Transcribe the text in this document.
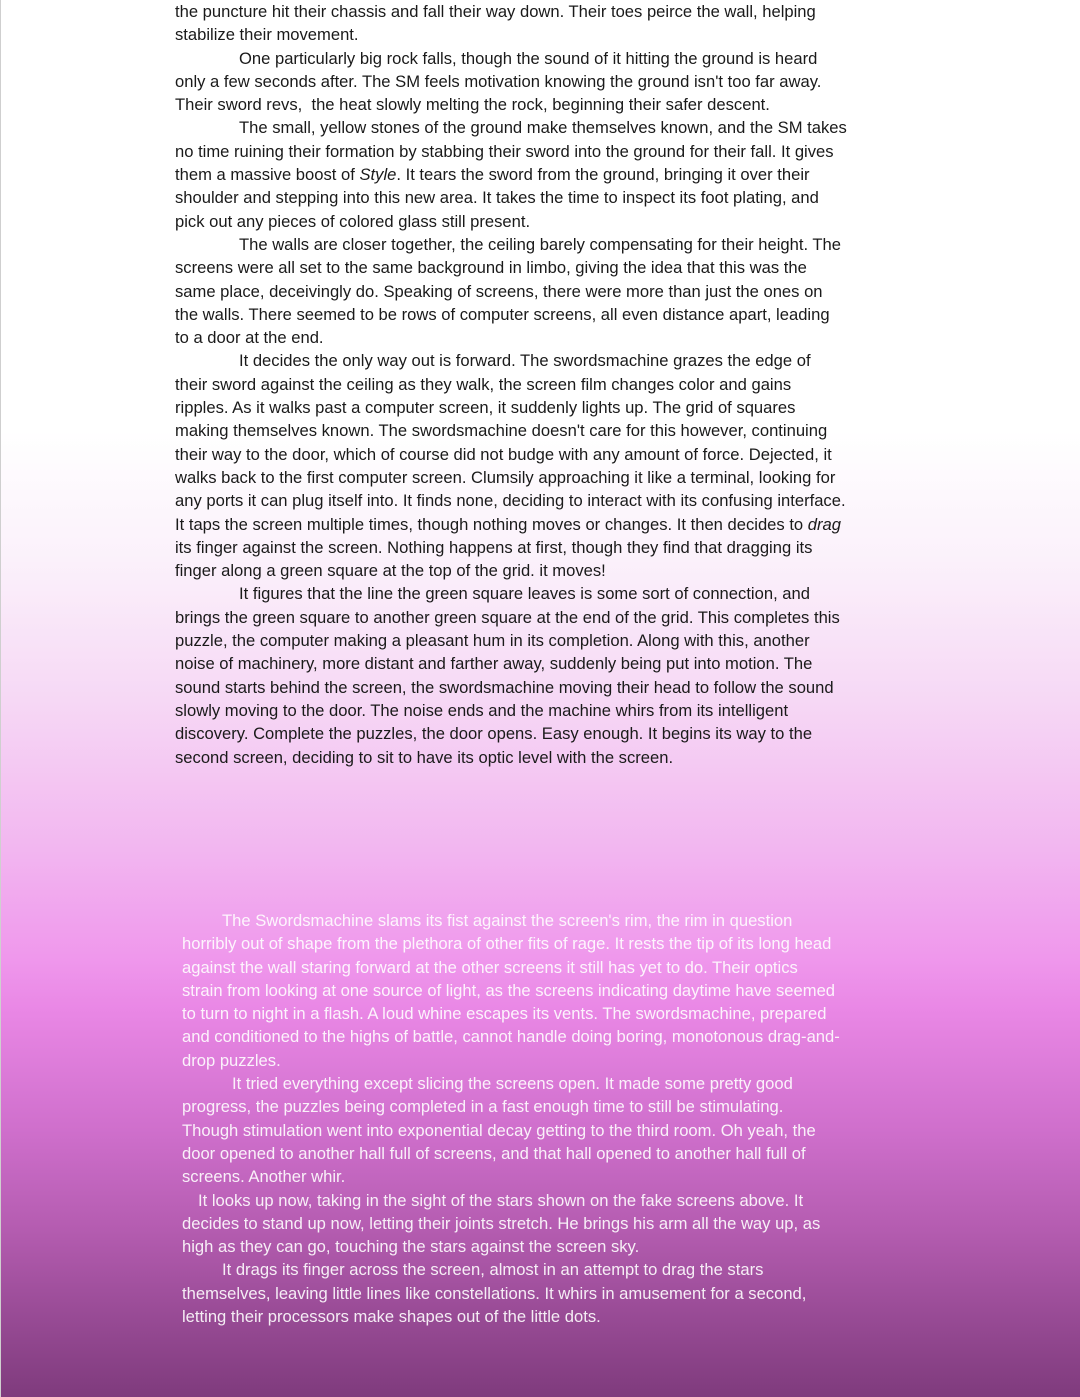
the puncture hit their chassis and fall their way down. Their toes peirce the wall, helping stabilize their movement.

One particularly big rock falls, though the sound of it hitting the ground is heard only a few seconds after. The SM feels motivation knowing the ground isn't too far away. Their sword revs,  the heat slowly melting the rock, beginning their safer descent.

The small, yellow stones of the ground make themselves known, and the SM takes no time ruining their formation by stabbing their sword into the ground for their fall. It gives them a massive boost of Style. It tears the sword from the ground, bringing it over their shoulder and stepping into this new area. It takes the time to inspect its foot plating, and pick out any pieces of colored glass still present.

The walls are closer together, the ceiling barely compensating for their height. The screens were all set to the same background in limbo, giving the idea that this was the same place, deceivingly do. Speaking of screens, there were more than just the ones on the walls. There seemed to be rows of computer screens, all even distance apart, leading to a door at the end.

It decides the only way out is forward. The swordsmachine grazes the edge of their sword against the ceiling as they walk, the screen film changes color and gains ripples. As it walks past a computer screen, it suddenly lights up. The grid of squares making themselves known. The swordsmachine doesn't care for this however, continuing their way to the door, which of course did not budge with any amount of force. Dejected, it walks back to the first computer screen. Clumsily approaching it like a terminal, looking for any ports it can plug itself into. It finds none, deciding to interact with its confusing interface. It taps the screen multiple times, though nothing moves or changes. It then decides to drag its finger against the screen. Nothing happens at first, though they find that dragging its finger along a green square at the top of the grid. it moves!

It figures that the line the green square leaves is some sort of connection, and brings the green square to another green square at the end of the grid. This completes this puzzle, the computer making a pleasant hum in its completion. Along with this, another noise of machinery, more distant and farther away, suddenly being put into motion. The sound starts behind the screen, the swordsmachine moving their head to follow the sound slowly moving to the door. The noise ends and the machine whirs from its intelligent discovery. Complete the puzzles, the door opens. Easy enough. It begins its way to the second screen, deciding to sit to have its optic level with the screen.

The Swordsmachine slams its fist against the screen's rim, the rim in question horribly out of shape from the plethora of other fits of rage. It rests the tip of its long head against the wall staring forward at the other screens it still has yet to do. Their optics strain from looking at one source of light, as the screens indicating daytime have seemed to turn to night in a flash. A loud whine escapes its vents. The swordsmachine, prepared and conditioned to the highs of battle, cannot handle doing boring, monotonous drag-and-drop puzzles.

It tried everything except slicing the screens open. It made some pretty good progress, the puzzles being completed in a fast enough time to still be stimulating. Though stimulation went into exponential decay getting to the third room. Oh yeah, the door opened to another hall full of screens, and that hall opened to another hall full of screens. Another whir.

It looks up now, taking in the sight of the stars shown on the fake screens above. It decides to stand up now, letting their joints stretch. He brings his arm all the way up, as high as they can go, touching the stars against the screen sky.

It drags its finger across the screen, almost in an attempt to drag the stars themselves, leaving little lines like constellations. It whirs in amusement for a second, letting their processors make shapes out of the little dots.
